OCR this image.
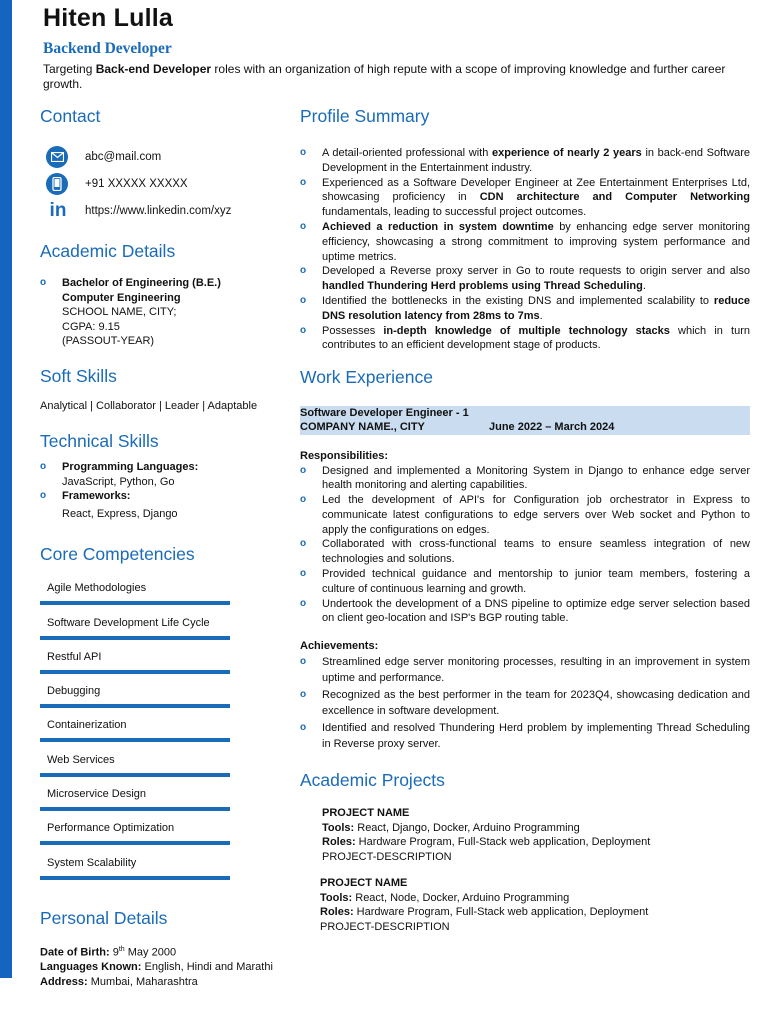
Hiten Lulla
Backend Developer
Targeting Back-end Developer roles with an organization of high repute with a scope of improving knowledge and further career growth.
Contact
abc@mail.com
+91 XXXXX XXXXX
in	https://www.linkedin.com/xyz
Academic Details
o Bachelor of Engineering (B.E.)
Computer Engineering
SCHOOL NAME, CITY;
CGPA: 9.15
(PASSOUT-YEAR)
Soft Skills
Analytical | Collaborator | Leader | Adaptable
Technical Skills
o Programming Languages:
JavaScript, Python, Go
o Frameworks:
React, Express, Django
Core Competencies
Agile Methodologies
Software Development Life Cycle
Restful API
Debugging
Containerization
Web Services
Microservice Design
Performance Optimization
System Scalability
Personal Details
Date of Birth: 9th May 2000
Languages Known: English, Hindi and Marathi
Address: Mumbai, Maharashtra
Profile Summary
o A detail-oriented professional with experience of nearly 2 years in back-end Software Development in the Entertainment industry.
o Experienced as a Software Developer Engineer at Zee Entertainment Enterprises Ltd, showcasing proficiency in CDN architecture and Computer Networking fundamentals, leading to successful project outcomes.
o Achieved a reduction in system downtime by enhancing edge server monitoring efficiency, showcasing a strong commitment to improving system performance and uptime metrics.
o Developed a Reverse proxy server in Go to route requests to origin server and also handled Thundering Herd problems using Thread Scheduling.
o Identified the bottlenecks in the existing DNS and implemented scalability to reduce DNS resolution latency from 28ms to 7ms.
o Possesses in-depth knowledge of multiple technology stacks which in turn contributes to an efficient development stage of products.
Work Experience
Software Developer Engineer - 1
COMPANY NAME., CITY	June 2022 – March 2024
Responsibilities:
o Designed and implemented a Monitoring System in Django to enhance edge server health monitoring and alerting capabilities.
o Led the development of API's for Configuration job orchestrator in Express to communicate latest configurations to edge servers over Web socket and Python to apply the configurations on edges.
o Collaborated with cross-functional teams to ensure seamless integration of new technologies and solutions.
o Provided technical guidance and mentorship to junior team members, fostering a culture of continuous learning and growth.
o Undertook the development of a DNS pipeline to optimize edge server selection based on client geo-location and ISP's BGP routing table.
Achievements:
o Streamlined edge server monitoring processes, resulting in an improvement in system uptime and performance.
o Recognized as the best performer in the team for 2023Q4, showcasing dedication and excellence in software development.
o Identified and resolved Thundering Herd problem by implementing Thread Scheduling in Reverse proxy server.
Academic Projects
PROJECT NAME
Tools: React, Django, Docker, Arduino Programming
Roles: Hardware Program, Full-Stack web application, Deployment
PROJECT-DESCRIPTION
PROJECT NAME
Tools: React, Node, Docker, Arduino Programming
Roles: Hardware Program, Full-Stack web application, Deployment
PROJECT-DESCRIPTION
